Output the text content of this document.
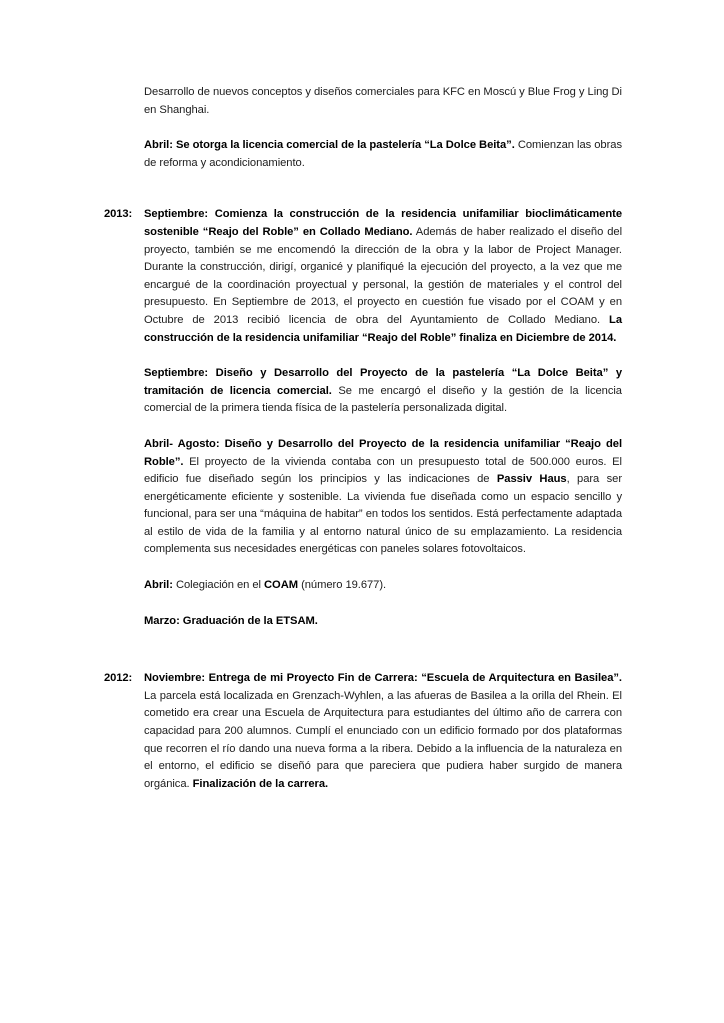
Desarrollo de nuevos conceptos y diseños comerciales para KFC en Moscú y Blue Frog y Ling Di en Shanghai.

Abril: Se otorga la licencia comercial de la pastelería “La Dolce Beita”. Comienzan las obras de reforma y acondicionamiento.

2013:	Septiembre: Comienza la construcción de la residencia unifamiliar bioclimáticamente sostenible “Reajo del Roble” en Collado Mediano. Además de haber realizado el diseño del proyecto, también se me encomendó la dirección de la obra y la labor de Project Manager. Durante la construcción, dirigí, organicé y planifiqué la ejecución del proyecto, a la vez que me encargué de la coordinación proyectual y personal, la gestión de materiales y el control del presupuesto. En Septiembre de 2013, el proyecto en cuestión fue visado por el COAM y en Octubre de 2013 recibió licencia de obra del Ayuntamiento de Collado Mediano. La construcción de la residencia unifamiliar “Reajo del Roble” finaliza en Diciembre de 2014.

Septiembre: Diseño y Desarrollo del Proyecto de la pastelería “La Dolce Beita” y tramitación de licencia comercial. Se me encargó el diseño y la gestión de la licencia comercial de la primera tienda física de la pastelería personalizada digital.

Abril- Agosto: Diseño y Desarrollo del Proyecto de la residencia unifamiliar “Reajo del Roble”. El proyecto de la vivienda contaba con un presupuesto total de 500.000 euros. El edificio fue diseñado según los principios y las indicaciones de Passiv Haus, para ser energéticamente eficiente y sostenible. La vivienda fue diseñada como un espacio sencillo y funcional, para ser una “máquina de habitar” en todos los sentidos. Está perfectamente adaptada al estilo de vida de la familia y al entorno natural único de su emplazamiento. La residencia complementa sus necesidades energéticas con paneles solares fotovoltaicos.

Abril: Colegiación en el COAM (número 19.677).

Marzo: Graduación de la ETSAM.

2012:	Noviembre: Entrega de mi Proyecto Fin de Carrera: “Escuela de Arquitectura en Basilea”. La parcela está localizada en Grenzach-Wyhlen, a las afueras de Basilea a la orilla del Rhein. El cometido era crear una Escuela de Arquitectura para estudiantes del último año de carrera con capacidad para 200 alumnos. Cumplí el enunciado con un edificio formado por dos plataformas que recorren el río dando una nueva forma a la ribera. Debido a la influencia de la naturaleza en el entorno, el edificio se diseñó para que pareciera que pudiera haber surgido de manera orgánica. Finalización de la carrera.
